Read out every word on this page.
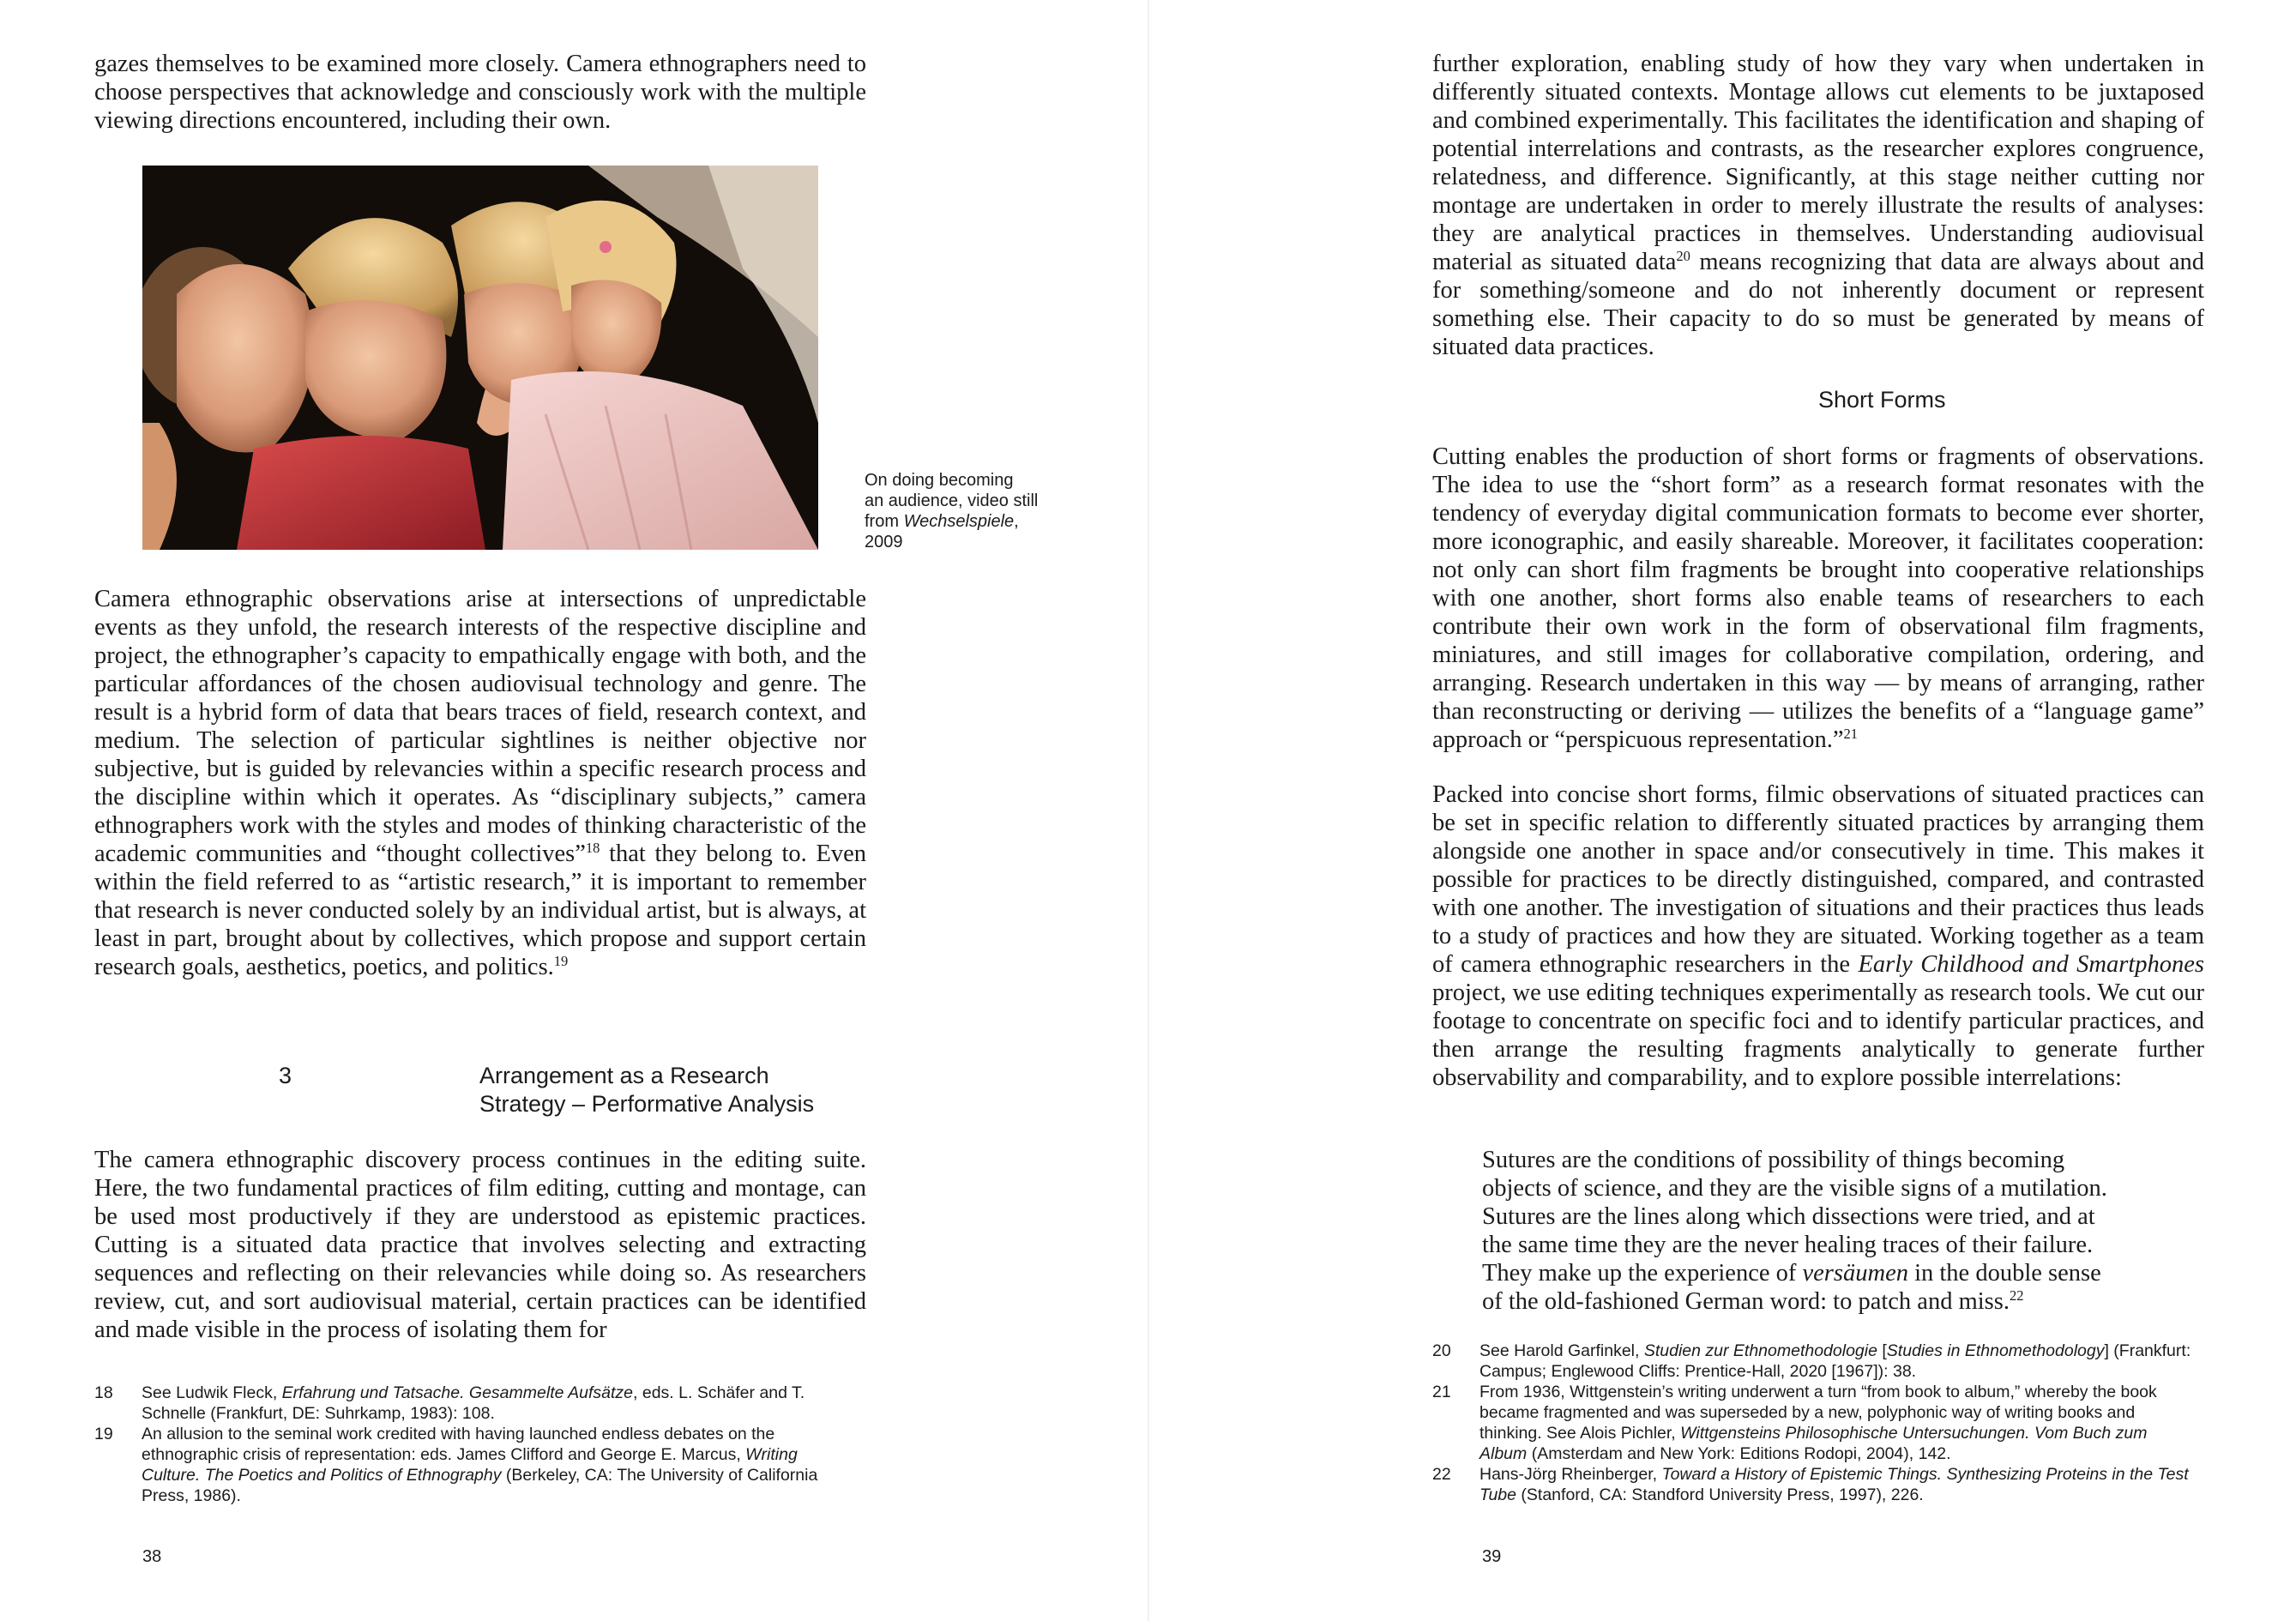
gazes themselves to be examined more closely. Camera ethnographers need to choose perspectives that acknowledge and consciously work with the multiple viewing directions encountered, including their own.

On doing becoming
an audience, video still
from Wechselspiele,
2009

Camera ethnographic observations arise at intersections of unpredictable events as they unfold, the research interests of the respective discipline and project, the ethnographer’s capacity to empathically engage with both, and the particular affordances of the chosen audiovisual technology and genre. The result is a hybrid form of data that bears traces of field, research context, and medium. The selection of particular sightlines is neither objective nor subjective, but is guided by relevancies within a specific research process and the discipline within which it operates. As “disciplinary subjects,” camera ethnographers work with the styles and modes of thinking characteristic of the academic communities and “thought collectives”$^{18}$ that they belong to. Even within the field referred to as “artistic research,” it is important to remember that research is never conducted solely by an individual artist, but is always, at least in part, brought about by collectives, which propose and support certain research goals, aesthetics, poetics, and politics.$^{19}$

3	Arrangement as a Research
Strategy – Performative Analysis

The camera ethnographic discovery process continues in the editing suite. Here, the two fundamental practices of film editing, cutting and montage, can be used most productively if they are understood as epistemic practices. Cutting is a situated data practice that involves selecting and extracting sequences and reflecting on their relevancies while doing so. As researchers review, cut, and sort audiovisual material, certain practices can be identified and made visible in the process of isolating them for

18 See Ludwik Fleck, Erfahrung und Tatsache. Gesammelte Aufsätze, eds. L. Schäfer and T. Schnelle (Frankfurt, DE: Suhrkamp, 1983): 108.
19 An allusion to the seminal work credited with having launched endless debates on the ethnographic crisis of representation: eds. James Clifford and George E. Marcus, Writing Culture. The Poetics and Politics of Ethnography (Berkeley, CA: The University of California Press, 1986).
38

further exploration, enabling study of how they vary when undertaken in differently situated contexts. Montage allows cut elements to be juxtaposed and combined experimentally. This facilitates the identification and shaping of potential interrelations and contrasts, as the researcher explores congruence, relatedness, and difference. Significantly, at this stage neither cutting nor montage are undertaken in order to merely illustrate the results of analyses: they are analytical practices in themselves. Understanding audiovisual material as situated data$^{20}$ means recognizing that data are always about and for something/someone and do not inherently document or represent something else. Their capacity to do so must be generated by means of situated data practices.

Short Forms

Cutting enables the production of short forms or fragments of observations. The idea to use the “short form” as a research format resonates with the tendency of everyday digital communication formats to become ever shorter, more iconographic, and easily shareable. Moreover, it facilitates cooperation: not only can short film fragments be brought into cooperative relationships with one another, short forms also enable teams of researchers to each contribute their own work in the form of observational film fragments, miniatures, and still images for collaborative compilation, ordering, and arranging. Research undertaken in this way — by means of arranging, rather than reconstructing or deriving — utilizes the benefits of a “language game” approach or “perspicuous representation.”$^{21}$

Packed into concise short forms, filmic observations of situated practices can be set in specific relation to differently situated practices by arranging them alongside one another in space and/or consecutively in time. This makes it possible for practices to be directly distinguished, compared, and contrasted with one another. The investigation of situations and their practices thus leads to a study of practices and how they are situated. Working together as a team of camera ethnographic researchers in the Early Childhood and Smartphones project, we use editing techniques experimentally as research tools. We cut our footage to concentrate on specific foci and to identify particular practices, and then arrange the resulting fragments analytically to generate further observability and comparability, and to explore possible interrelations:

Sutures are the conditions of possibility of things becoming
objects of science, and they are the visible signs of a mutilation.
Sutures are the lines along which dissections were tried, and at
the same time they are the never healing traces of their failure.
They make up the experience of versäumen in the double sense
of the old-fashioned German word: to patch and miss.$^{22}$
20 See Harold Garfinkel, Studien zur Ethnomethodologie [Studies in Ethnomethodology] (Frankfurt: Campus; Englewood Cliffs: Prentice-Hall, 2020 [1967]): 38.
21 From 1936, Wittgenstein’s writing underwent a turn “from book to album,” whereby the book became fragmented and was superseded by a new, polyphonic way of writing books and thinking. See Alois Pichler, Wittgensteins Philosophische Untersuchungen. Vom Buch zum Album (Amsterdam and New York: Editions Rodopi, 2004), 142.
22 Hans-Jörg Rheinberger, Toward a History of Epistemic Things. Synthesizing Proteins in the Test Tube (Stanford, CA: Standford University Press, 1997), 226.
39
